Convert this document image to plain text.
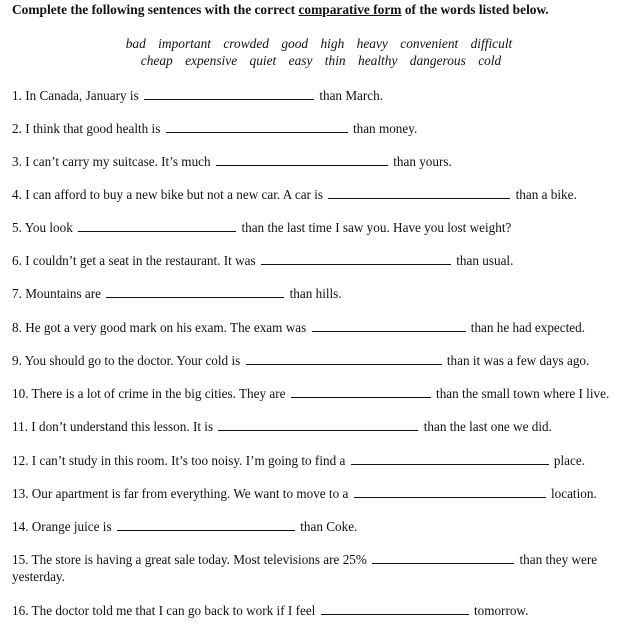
Complete the following sentences with the correct comparative form of the words listed below.
bad important crowded good high heavy convenient difficult
cheap expensive quiet easy thin healthy dangerous cold
1. In Canada, January is	than March.
2. I think that good health is	than money.
3. I can’t carry my suitcase. It’s much	than yours.
4. I can afford to buy a new bike but not a new car. A car is	than a bike.
5. You look	than the last time I saw you. Have you lost weight?
6. I couldn’t get a seat in the restaurant. It was	than usual.
7. Mountains are	than hills.
8. He got a very good mark on his exam. The exam was	than he had expected.
9. You should go to the doctor. Your cold is	than it was a few days ago.
10. There is a lot of crime in the big cities. They are	than the small town where I live.
11. I don’t understand this lesson. It is	than the last one we did.
12. I can’t study in this room. It’s too noisy. I’m going to find a	place.
13. Our apartment is far from everything. We want to move to a	location.
14. Orange juice is	than Coke.
15. The store is having a great sale today. Most televisions are 25%	than they were yesterday.
16. The doctor told me that I can go back to work if I feel	tomorrow.
